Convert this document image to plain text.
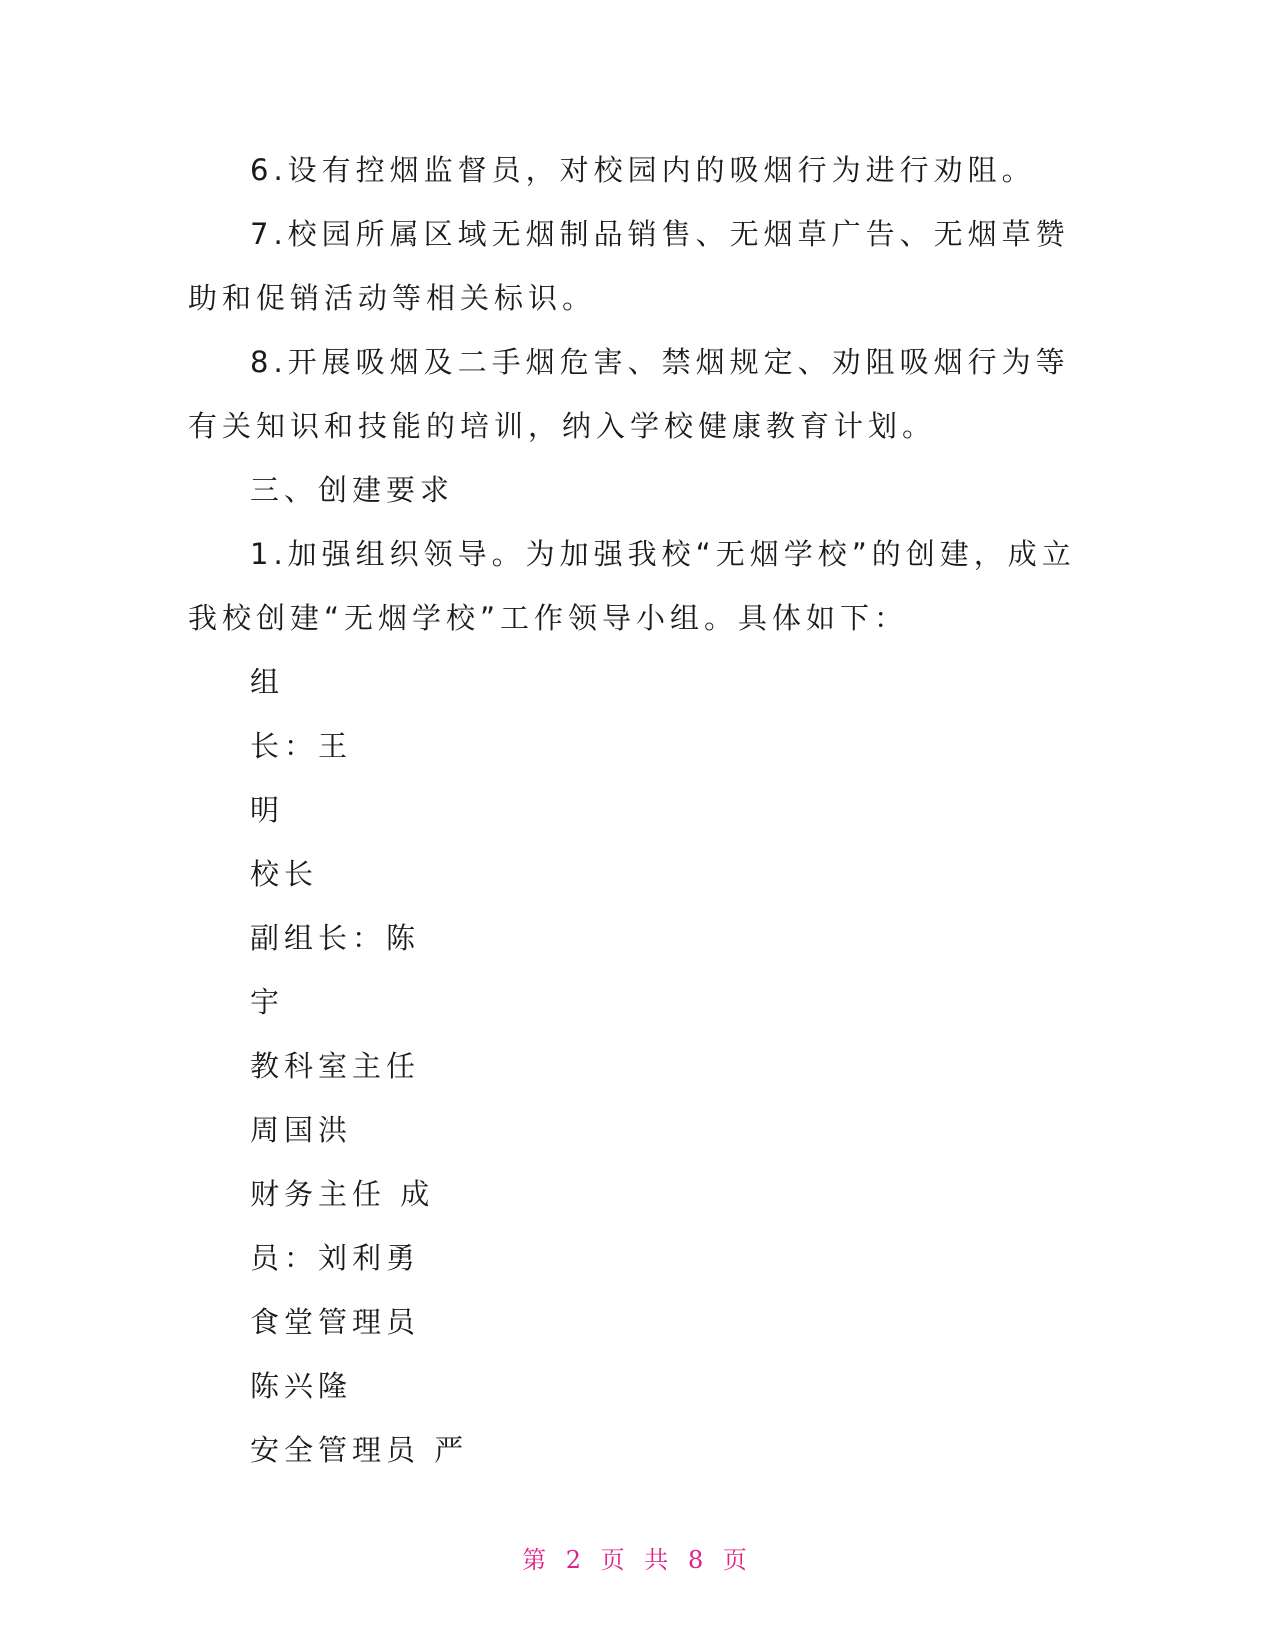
6.设有控烟监督员，对校园内的吸烟行为进行劝阻。

7.校园所属区域无烟制品销售、无烟草广告、无烟草赞助和促销活动等相关标识。

8.开展吸烟及二手烟危害、禁烟规定、劝阻吸烟行为等有关知识和技能的培训，纳入学校健康教育计划。

三、创建要求

1.加强组织领导。为加强我校“无烟学校”的创建，成立我校创建“无烟学校”工作领导小组。具体如下：

组

长：王

明

校长

副组长：陈

宇

教科室主任

周国洪

财务主任 成

员：刘利勇

食堂管理员

陈兴隆

安全管理员 严

第 2 页 共 8 页
